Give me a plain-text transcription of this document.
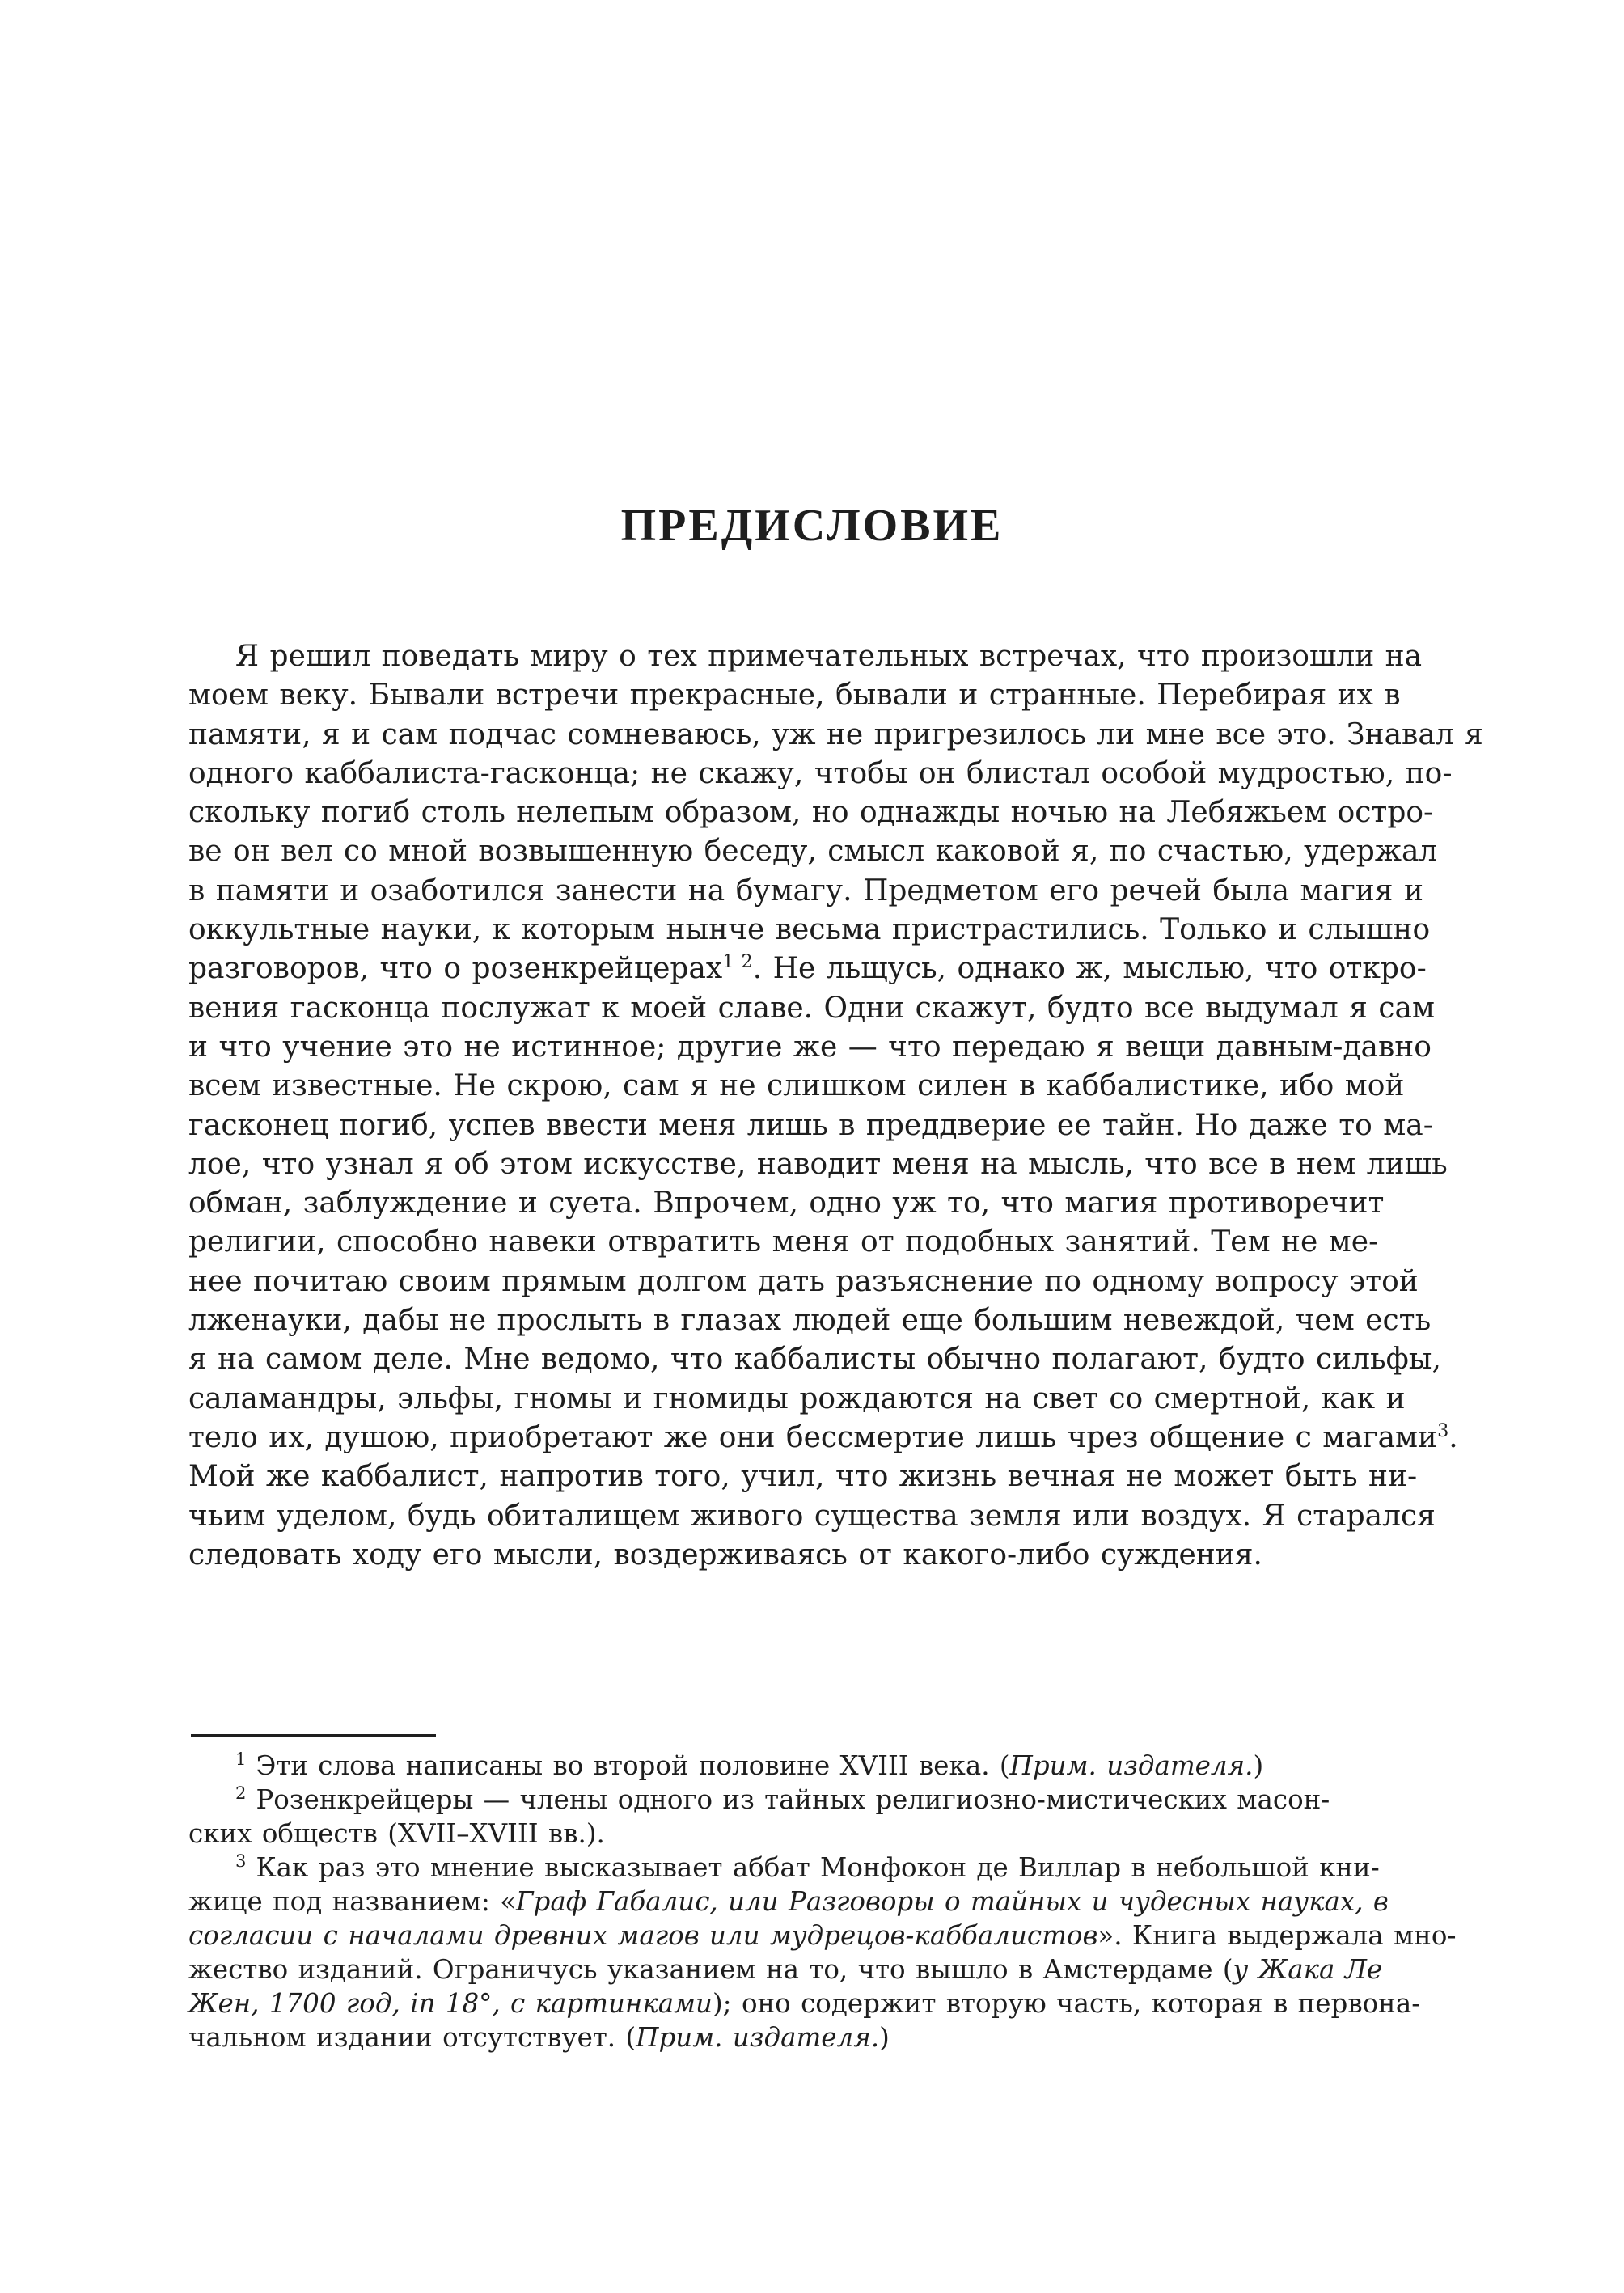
ПРЕДИСЛОВИЕ
Я решил поведать миру о тех примечательных встречах, что произошли на
моем веку. Бывали встречи прекрасные, бывали и странные. Перебирая их в
памяти, я и сам подчас сомневаюсь, уж не пригрезилось ли мне все это. Знавал я
одного каббалиста-гасконца; не скажу, чтобы он блистал особой мудростью, по-
скольку погиб столь нелепым образом, но однажды ночью на Лебяжьем остро-
ве он вел со мной возвышенную беседу, смысл каковой я, по счастью, удержал
в памяти и озаботился занести на бумагу. Предметом его речей была магия и
оккультные науки, к которым нынче весьма пристрастились. Только и слышно
разговоров, что о розенкрейцерах$^{1 2}$. Не льщусь, однако ж, мыслью, что откро-
вения гасконца послужат к моей славе. Одни скажут, будто все выдумал я сам
и что учение это не истинное; другие же — что передаю я вещи давным-давно
всем известные. Не скрою, сам я не слишком силен в каббалистике, ибо мой
гасконец погиб, успев ввести меня лишь в преддверие ее тайн. Но даже то ма-
лое, что узнал я об этом искусстве, наводит меня на мысль, что все в нем лишь
обман, заблуждение и суета. Впрочем, одно уж то, что магия противоречит
религии, способно навеки отвратить меня от подобных занятий. Тем не ме-
нее почитаю своим прямым долгом дать разъяснение по одному вопросу этой
лженауки, дабы не прослыть в глазах людей еще большим невеждой, чем есть
я на самом деле. Мне ведомо, что каббалисты обычно полагают, будто сильфы,
саламандры, эльфы, гномы и гномиды рождаются на свет со смертной, как и
тело их, душою, приобретают же они бессмертие лишь чрез общение с магами$^3$.
Мой же каббалист, напротив того, учил, что жизнь вечная не может быть ни-
чьим уделом, будь обиталищем живого существа земля или воздух. Я старался
следовать ходу его мысли, воздерживаясь от какого-либо суждения.
$^1$ Эти слова написаны во второй половине XVIII века. (Прим. издателя.)
$^2$ Розенкрейцеры — члены одного из тайных религиозно-мистических масон-
ских обществ (XVII–XVIII вв.).
$^3$ Как раз это мнение высказывает аббат Монфокон де Виллар в небольшой кни-
жице под названием: «Граф Габалис, или Разговоры о тайных и чудесных науках, в
согласии с началами древних магов или мудрецов-каббалистов». Книга выдержала мно-
жество изданий. Ограничусь указанием на то, что вышло в Амстердаме (у Жака Ле
Жен, 1700 год, in 18°, с картинками); оно содержит вторую часть, которая в первона-
чальном издании отсутствует. (Прим. издателя.)
